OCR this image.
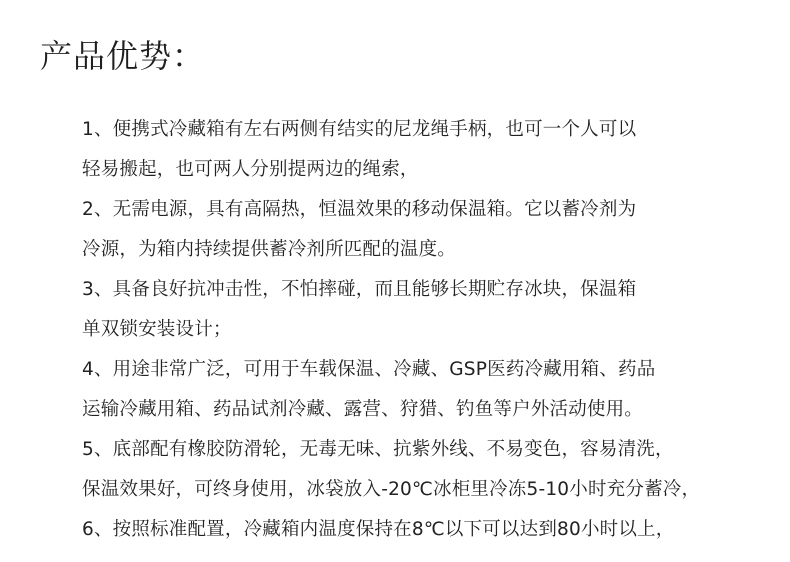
产品优势：
1、便携式冷藏箱有左右两侧有结实的尼龙绳手柄，也可一个人可以
轻易搬起，也可两人分别提两边的绳索，
2、无需电源，具有高隔热，恒温效果的移动保温箱。它以蓄冷剂为
冷源，为箱内持续提供蓄冷剂所匹配的温度。
3、具备良好抗冲击性，不怕摔碰，而且能够长期贮存冰块，保温箱
单双锁安装设计；
4、用途非常广泛，可用于车载保温、冷藏、GSP医药冷藏用箱、药品
运输冷藏用箱、药品试剂冷藏、露营、狩猎、钓鱼等户外活动使用。
5、底部配有橡胶防滑轮，无毒无味、抗紫外线、不易变色，容易清洗，
保温效果好，可终身使用，冰袋放入-20℃冰柜里冷冻5-10小时充分蓄冷，
6、按照标准配置，冷藏箱内温度保持在8℃以下可以达到80小时以上，
